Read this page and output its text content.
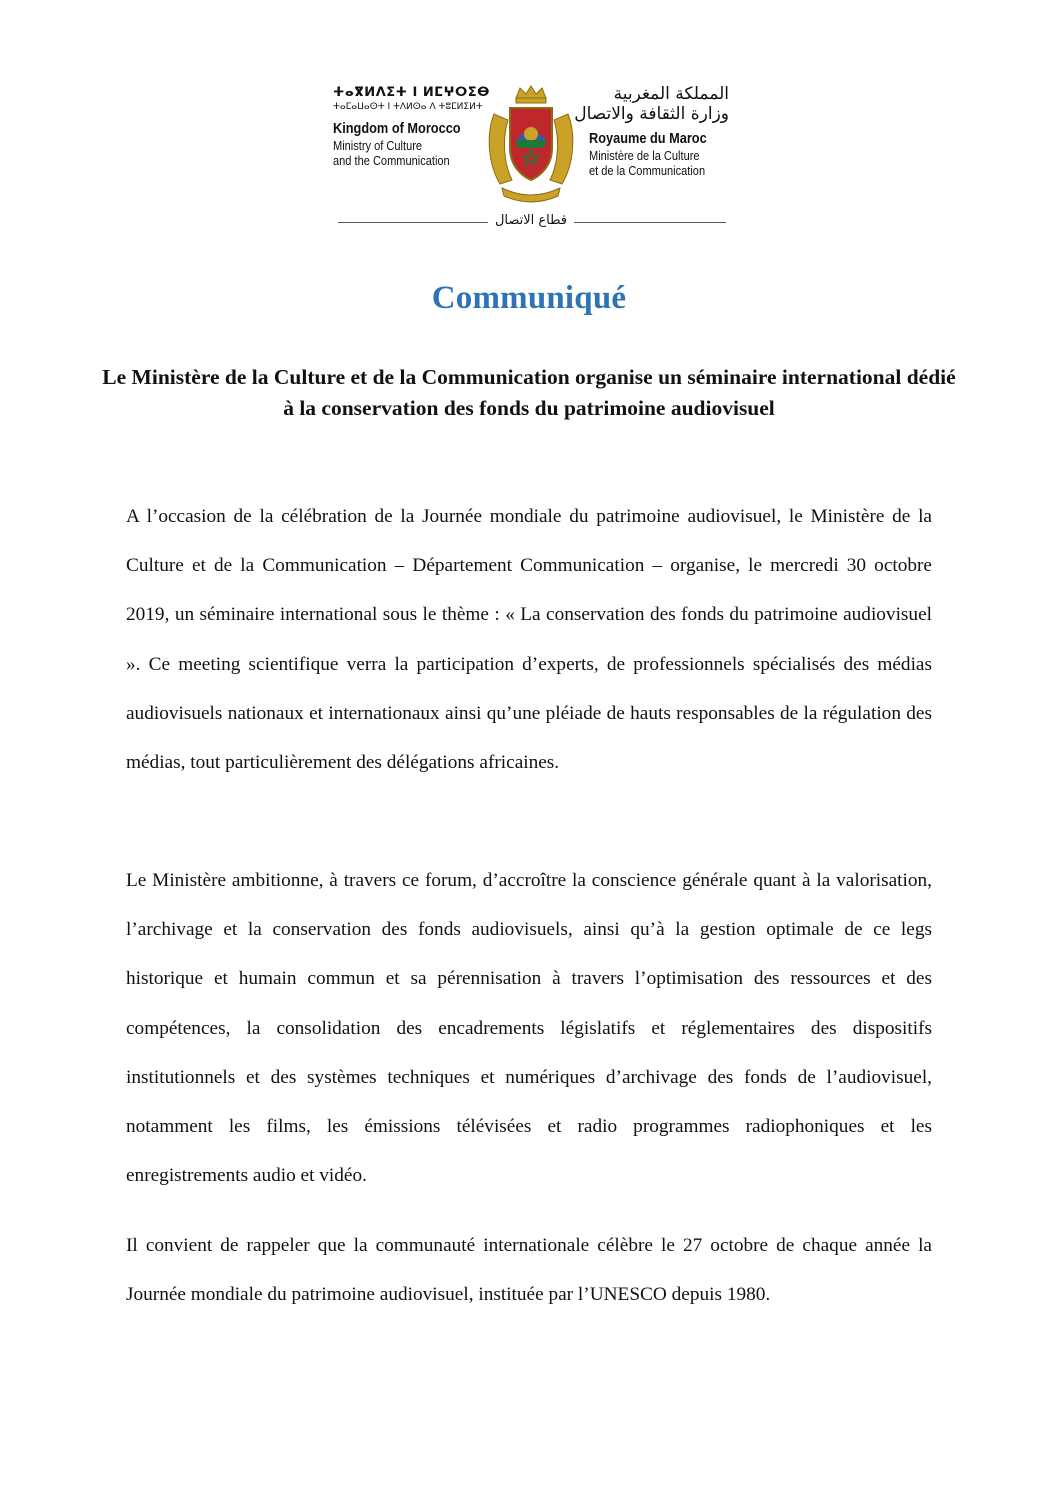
ⵜⴰⴳⵍⴷⵉⵜ ⵏ ⵍⵎⵖⵔⵉⴱ
ⵜⴰⵎⴰⵡⴰⵙⵜ ⵏ ⵜⴷⵍⵙⴰ ⴷ ⵜⵓⵎⵍⵉⵍⵜ
Kingdom of Morocco
Ministry of Culture
and the Communication
المملكة المغربية
وزارة الثقافة والاتصال
Royaume du Maroc
Ministère de la Culture
et de la Communication
قطاع الاتصال
Communiqué
Le Ministère de la Culture et de la Communication organise un séminaire international dédié à la conservation des fonds du patrimoine audiovisuel

A l’occasion de la célébration de la Journée mondiale du patrimoine audiovisuel, le Ministère de la Culture et de la Communication – Département Communication – organise, le mercredi 30 octobre 2019, un séminaire international sous le thème : « La conservation des fonds du patrimoine audiovisuel ». Ce meeting scientifique verra la participation d’experts, de professionnels spécialisés des médias audiovisuels nationaux et internationaux ainsi qu’une pléiade de hauts responsables de la régulation des médias, tout particulièrement des délégations africaines.

Le Ministère ambitionne, à travers ce forum, d’accroître la conscience générale quant à la valorisation, l’archivage et la conservation des fonds audiovisuels, ainsi qu’à la gestion optimale de ce legs historique et humain commun et sa pérennisation à travers l’optimisation des ressources et des compétences, la consolidation des encadrements législatifs et réglementaires des dispositifs institutionnels et des systèmes techniques et numériques d’archivage des fonds de l’audiovisuel, notamment les films, les émissions télévisées et radio programmes radiophoniques et les enregistrements audio et vidéo.

Il convient de rappeler que la communauté internationale célèbre le 27 octobre de chaque année la Journée mondiale du patrimoine audiovisuel, instituée par l’UNESCO depuis 1980.
